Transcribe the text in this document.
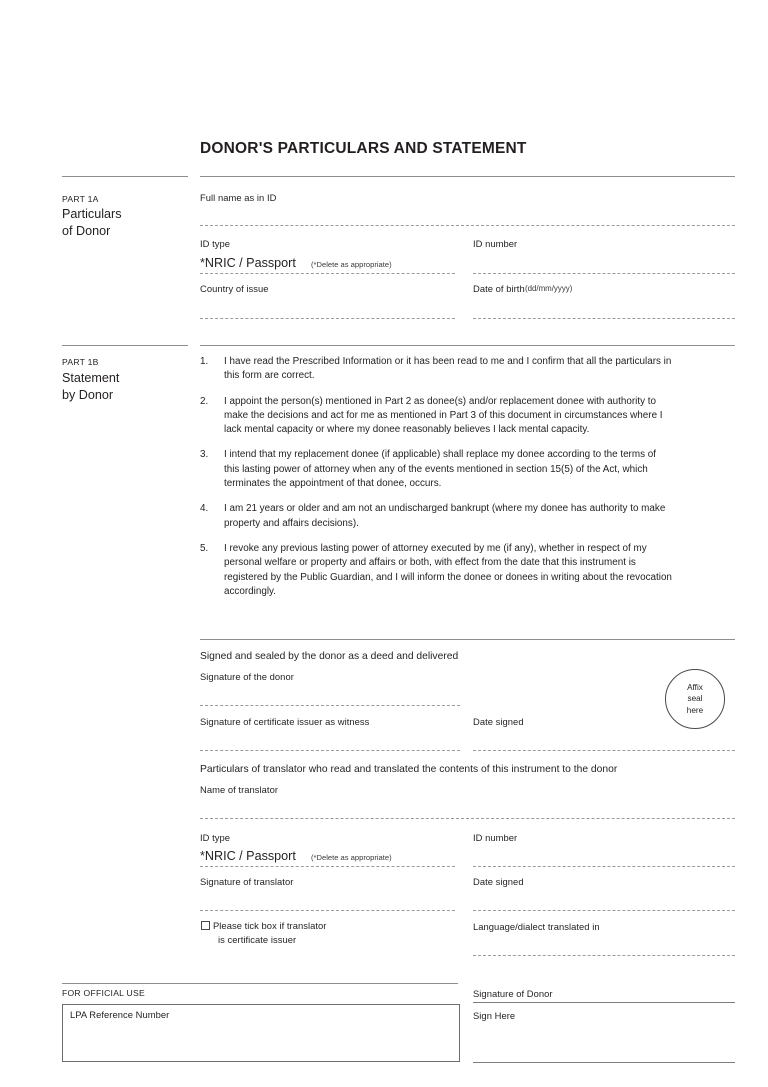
DONOR'S PARTICULARS AND STATEMENT
PART 1A
Particulars
of Donor
Full name as in ID
ID type
*NRIC / Passport (*Delete as appropriate)
ID number
Country of issue	Date of birth (dd/mm/yyyy)
PART 1B
Statement
by Donor
1.	I have read the Prescribed Information or it has been read to me and I confirm that all the particulars in this form are correct.
2.	I appoint the person(s) mentioned in Part 2 as donee(s) and/or replacement donee with authority to make the decisions and act for me as mentioned in Part 3 of this document in circumstances where I lack mental capacity or where my donee reasonably believes I lack mental capacity.
3.	I intend that my replacement donee (if applicable) shall replace my donee according to the terms of this lasting power of attorney when any of the events mentioned in section 15(5) of the Act, which terminates the appointment of that donee, occurs.
4.	I am 21 years or older and am not an undischarged bankrupt (where my donee has authority to make property and affairs decisions).
5.	I revoke any previous lasting power of attorney executed by me (if any), whether in respect of my personal welfare or property and affairs or both, with effect from the date that this instrument is registered by the Public Guardian, and I will inform the donee or donees in writing about the revocation accordingly.
Signed and sealed by the donor as a deed and delivered
Signature of the donor
Affix
seal
here
Signature of certificate issuer as witness	Date signed
Particulars of translator who read and translated the contents of this instrument to the donor
Name of translator
ID type
*NRIC / Passport (*Delete as appropriate)
ID number
Signature of translator	Date signed
Please tick box if translator
is certificate issuer
Language/dialect translated in
FOR OFFICIAL USE
LPA Reference Number
Signature of Donor
Sign Here
